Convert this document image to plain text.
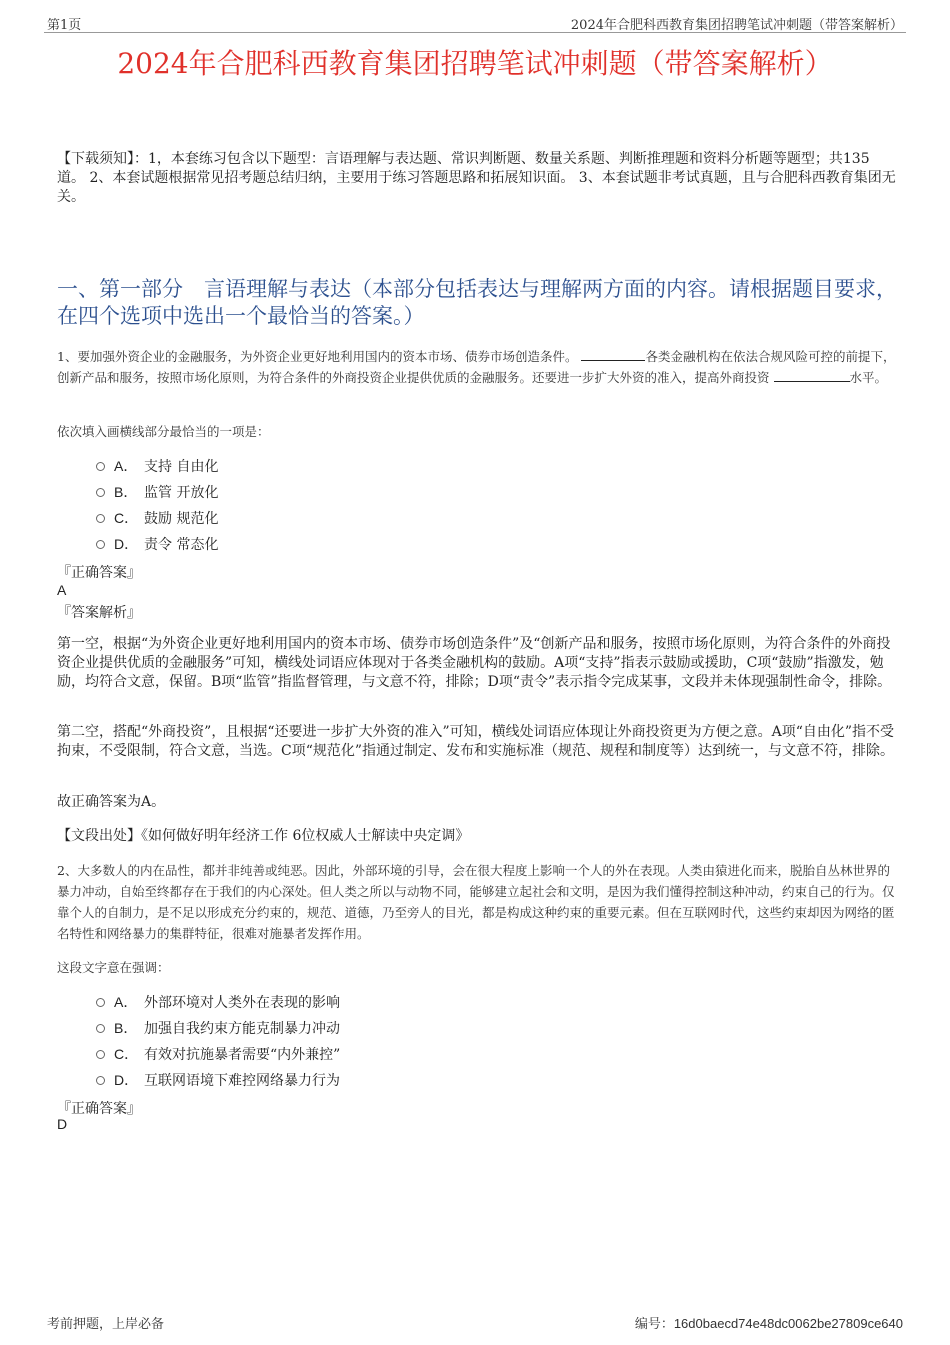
第1页	2024年合肥科西教育集团招聘笔试冲刺题（带答案解析）
2024年合肥科西教育集团招聘笔试冲刺题（带答案解析）
【下载须知】：1，本套练习包含以下题型：言语理解与表达题、常识判断题、数量关系题、判断推理题和资料分析题等题型；共135道。 2、本套试题根据常见招考题总结归纳，主要用于练习答题思路和拓展知识面。 3、本套试题非考试真题，且与合肥科西教育集团无关。
一、第一部分　言语理解与表达（本部分包括表达与理解两方面的内容。请根据题目要求，在四个选项中选出一个最恰当的答案。）
1、要加强外资企业的金融服务，为外资企业更好地利用国内的资本市场、债券市场创造条件。	各类金融机构在依法合规风险可控的前提下，创新产品和服务，按照市场化原则，为符合条件的外商投资企业提供优质的金融服务。还要进一步扩大外资的准入，提高外商投资	水平。
依次填入画横线部分最恰当的一项是：
A． 支持 自由化
B． 监管 开放化
C． 鼓励 规范化
D． 责令 常态化
『正确答案』
A
『答案解析』
第一空，根据“为外资企业更好地利用国内的资本市场、债券市场创造条件”及“创新产品和服务，按照市场化原则，为符合条件的外商投资企业提供优质的金融服务”可知，横线处词语应体现对于各类金融机构的鼓励。A项“支持”指表示鼓励或援助，C项“鼓励”指激发，勉励，均符合文意，保留。B项“监管”指监督管理，与文意不符，排除；D项“责令”表示指令完成某事，文段并未体现强制性命令，排除。
第二空，搭配“外商投资”，且根据“还要进一步扩大外资的准入”可知，横线处词语应体现让外商投资更为方便之意。A项“自由化”指不受拘束，不受限制，符合文意，当选。C项“规范化”指通过制定、发布和实施标准（规范、规程和制度等）达到统一，与文意不符，排除。
故正确答案为A。
【文段出处】《如何做好明年经济工作 6位权威人士解读中央定调》
2、大多数人的内在品性，都并非纯善或纯恶。因此，外部环境的引导，会在很大程度上影响一个人的外在表现。人类由猿进化而来，脱胎自丛林世界的暴力冲动，自始至终都存在于我们的内心深处。但人类之所以与动物不同，能够建立起社会和文明，是因为我们懂得控制这种冲动，约束自己的行为。仅靠个人的自制力，是不足以形成充分约束的，规范、道德，乃至旁人的目光，都是构成这种约束的重要元素。但在互联网时代，这些约束却因为网络的匿名特性和网络暴力的集群特征，很难对施暴者发挥作用。
这段文字意在强调：
A． 外部环境对人类外在表现的影响
B． 加强自我约束方能克制暴力冲动
C． 有效对抗施暴者需要“内外兼控”
D． 互联网语境下难控网络暴力行为
『正确答案』
D
考前押题，上岸必备	编号：16d0baecd74e48dc0062be27809ce640
